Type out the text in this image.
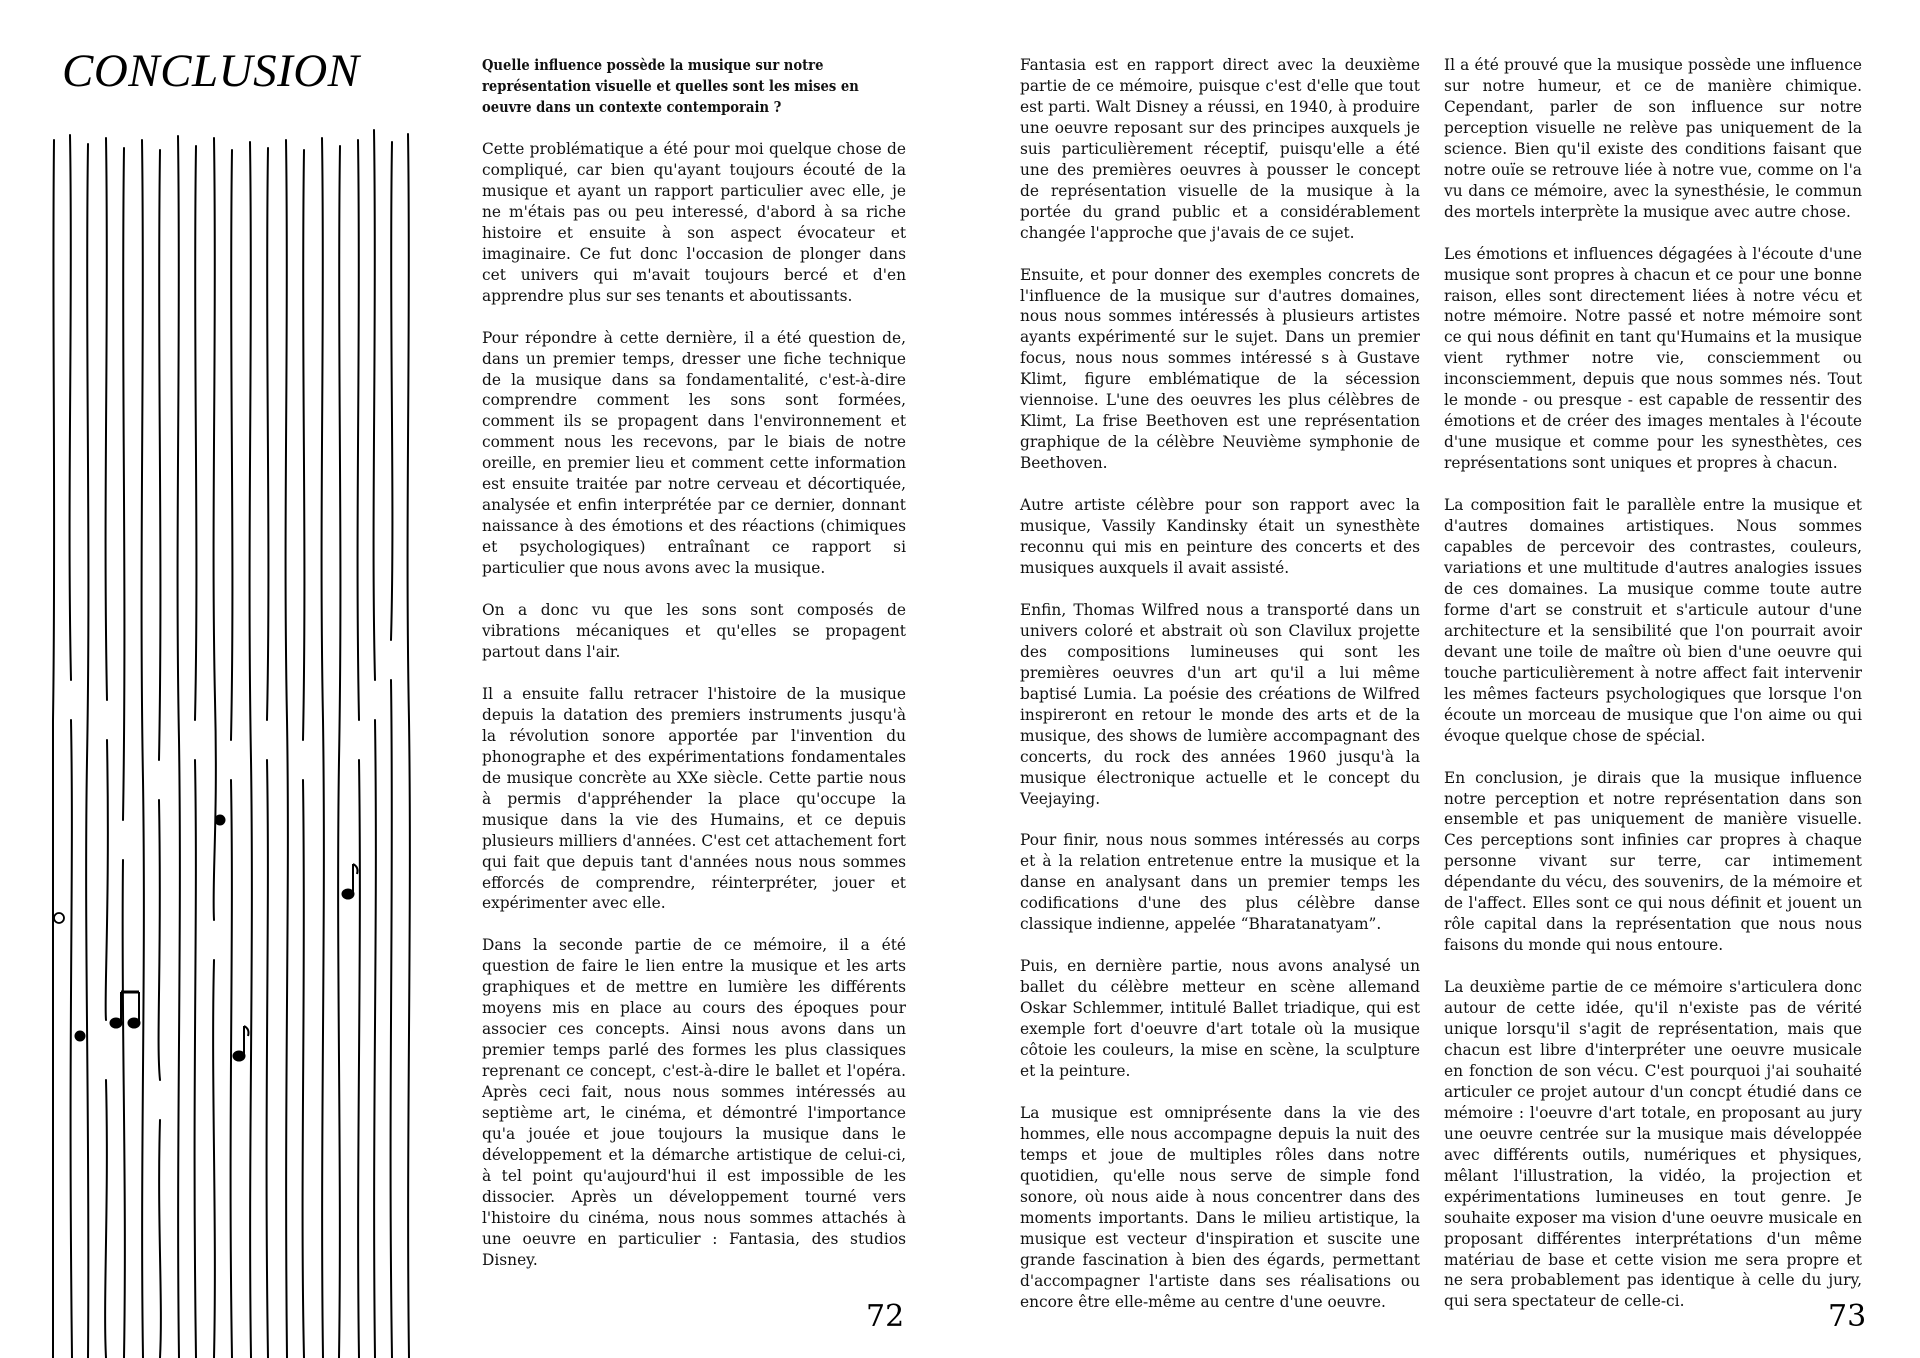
CONCLUSION	Quelle influence possède la musique sur notre représentation visuelle et quelles sont les mises en oeuvre dans un contexte contemporain ?

Cette problématique a été pour moi quelque chose de compliqué, car bien qu'ayant toujours écouté de la musique et ayant un rapport particulier avec elle, je ne m'étais pas ou peu interessé, d'abord à sa riche histoire et ensuite à son aspect évocateur et imaginaire. Ce fut donc l'occasion de plonger dans cet univers qui m'avait toujours bercé et d'en apprendre plus sur ses tenants et aboutissants.

Pour répondre à cette dernière, il a été question de, dans un premier temps, dresser une fiche technique de la musique dans sa fondamentalité, c'est-à-dire comprendre comment les sons sont formées, comment ils se propagent dans l'environnement et comment nous les recevons, par le biais de notre oreille, en premier lieu et comment cette information est ensuite traitée par notre cerveau et décortiquée, analysée et enfin interprétée par ce dernier, donnant naissance à des émotions et des réactions (chimiques et psychologiques) entraînant ce rapport si particulier que nous avons avec la musique.

On a donc vu que les sons sont composés de vibrations mécaniques et qu'elles se propagent partout dans l'air.

Il a ensuite fallu retracer l'histoire de la musique depuis la datation des premiers instruments jusqu'à la révolution sonore apportée par l'invention du phonographe et des expérimentations fondamentales de musique concrète au XXe siècle. Cette partie nous à permis d'appréhender la place qu'occupe la musique dans la vie des Humains, et ce depuis plusieurs milliers d'années. C'est cet attachement fort qui fait que depuis tant d'années nous nous sommes efforcés de comprendre, réinterpréter, jouer et expérimenter avec elle.

Dans la seconde partie de ce mémoire, il a été question de faire le lien entre la musique et les arts graphiques et de mettre en lumière les différents moyens mis en place au cours des époques pour associer ces concepts. Ainsi nous avons dans un premier temps parlé des formes les plus classiques reprenant ce concept, c'est-à-dire le ballet et l'opéra. Après ceci fait, nous nous sommes intéressés au septième art, le cinéma, et démontré l'importance qu'a jouée et joue toujours la musique dans le développement et la démarche artistique de celui-ci, à tel point qu'aujourd'hui il est impossible de les dissocier. Après un développement tourné vers l'histoire du cinéma, nous nous sommes attachés à une oeuvre en particulier : Fantasia, des studios Disney.

72

Fantasia est en rapport direct avec la deuxième partie de ce mémoire, puisque c'est d'elle que tout est parti. Walt Disney a réussi, en 1940, à produire une oeuvre reposant sur des principes auxquels je suis particulièrement réceptif, puisqu'elle a été une des premières oeuvres à pousser le concept de représentation visuelle de la musique à la portée du grand public et a considérablement changée l'approche que j'avais de ce sujet.

Ensuite, et pour donner des exemples concrets de l'influence de la musique sur d'autres domaines, nous nous sommes intéressés à plusieurs artistes ayants expérimenté sur le sujet. Dans un premier focus, nous nous sommes intéressé s à Gustave Klimt, figure emblématique de la sécession viennoise. L'une des oeuvres les plus célèbres de Klimt, La frise Beethoven est une représentation graphique de la célèbre Neuvième symphonie de Beethoven.

Autre artiste célèbre pour son rapport avec la musique, Vassily Kandinsky était un synesthète reconnu qui mis en peinture des concerts et des musiques auxquels il avait assisté.

Enfin, Thomas Wilfred nous a transporté dans un univers coloré et abstrait où son Clavilux projette des compositions lumineuses qui sont les premières oeuvres d'un art qu'il a lui même baptisé Lumia. La poésie des créations de Wilfred inspireront en retour le monde des arts et de la musique, des shows de lumière accompagnant des concerts, du rock des années 1960 jusqu'à la musique électronique actuelle et le concept du Veejaying.

Pour finir, nous nous sommes intéressés au corps et à la relation entretenue entre la musique et la danse en analysant dans un premier temps les codifications d'une des plus célèbre danse classique indienne, appelée “Bharatanatyam”.

Puis, en dernière partie, nous avons analysé un ballet du célèbre metteur en scène allemand Oskar Schlemmer, intitulé Ballet triadique, qui est exemple fort d'oeuvre d'art totale où la musique côtoie les couleurs, la mise en scène, la sculpture et la peinture.

La musique est omniprésente dans la vie des hommes, elle nous accompagne depuis la nuit des temps et joue de multiples rôles dans notre quotidien, qu'elle nous serve de simple fond sonore, où nous aide à nous concentrer dans des moments importants. Dans le milieu artistique, la musique est vecteur d'inspiration et suscite une grande fascination à bien des égards, permettant d'accompagner l'artiste dans ses réalisations ou encore être elle-même au centre d'une oeuvre.

Il a été prouvé que la musique possède une influence sur notre humeur, et ce de manière chimique. Cependant, parler de son influence sur notre perception visuelle ne relève pas uniquement de la science. Bien qu'il existe des conditions faisant que notre ouïe se retrouve liée à notre vue, comme on l'a vu dans ce mémoire, avec la synesthésie, le commun des mortels interprète la musique avec autre chose.

Les émotions et influences dégagées à l'écoute d'une musique sont propres à chacun et ce pour une bonne raison, elles sont directement liées à notre vécu et notre mémoire. Notre passé et notre mémoire sont ce qui nous définit en tant qu'Humains et la musique vient rythmer notre vie, consciemment ou inconsciemment, depuis que nous sommes nés. Tout le monde - ou presque - est capable de ressentir des émotions et de créer des images mentales à l'écoute d'une musique et comme pour les synesthètes, ces représentations sont uniques et propres à chacun.

La composition fait le parallèle entre la musique et d'autres domaines artistiques. Nous sommes capables de percevoir des contrastes, couleurs, variations et une multitude d'autres analogies issues de ces domaines. La musique comme toute autre forme d'art se construit et s'articule autour d'une architecture et la sensibilité que l'on pourrait avoir devant une toile de maître où bien d'une oeuvre qui touche particulièrement à notre affect fait intervenir les mêmes facteurs psychologiques que lorsque l'on écoute un morceau de musique que l'on aime ou qui évoque quelque chose de spécial.

En conclusion, je dirais que la musique influence notre perception et notre représentation dans son ensemble et pas uniquement de manière visuelle. Ces perceptions sont infinies car propres à chaque personne vivant sur terre, car intimement dépendante du vécu, des souvenirs, de la mémoire et de l'affect. Elles sont ce qui nous définit et jouent un rôle capital dans la représentation que nous nous faisons du monde qui nous entoure.

La deuxième partie de ce mémoire s'articulera donc autour de cette idée, qu'il n'existe pas de vérité unique lorsqu'il s'agit de représentation, mais que chacun est libre d'interpréter une oeuvre musicale en fonction de son vécu. C'est pourquoi j'ai souhaité articuler ce projet autour d'un concpt étudié dans ce mémoire : l'oeuvre d'art totale, en proposant au jury une oeuvre centrée sur la musique mais développée avec différents outils, numériques et physiques, mêlant l'illustration, la vidéo, la projection et expérimentations lumineuses en tout genre. Je souhaite exposer ma vision d'une oeuvre musicale en proposant différentes interprétations d'un même matériau de base et cette vision me sera propre et ne sera probablement pas identique à celle du jury, qui sera spectateur de celle-ci.	73
